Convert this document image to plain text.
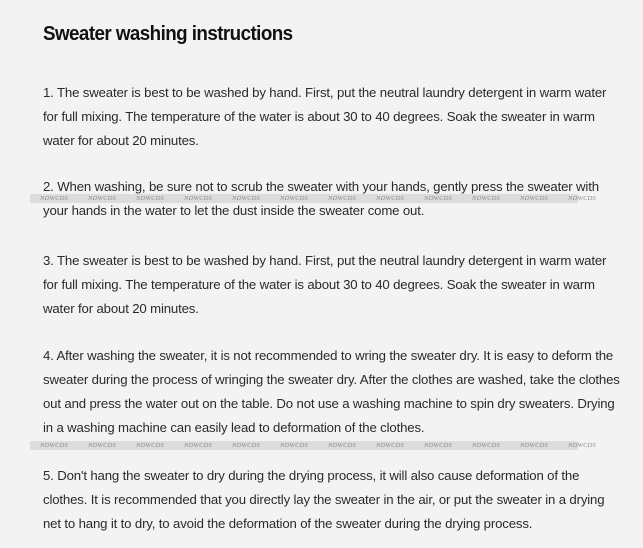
Sweater washing instructions
1. The sweater is best to be washed by hand. First, put the neutral laundry detergent in warm water
for full mixing. The temperature of the water is about 30 to 40 degrees. Soak the sweater in warm
water for about 20 minutes.
2. When washing, be sure not to scrub the sweater with your hands, gently press the sweater with
your hands in the water to let the dust inside the sweater come out.
NDWCDS	NDWCDS	NDWCDS	NDWCDS	NDWCDS	NDWCDS	NDWCDS	NDWCDS	NDWCDS	NDWCDS	NDWCDS	NDWCDS
3. The sweater is best to be washed by hand. First, put the neutral laundry detergent in warm water
for full mixing. The temperature of the water is about 30 to 40 degrees. Soak the sweater in warm
water for about 20 minutes.
4. After washing the sweater, it is not recommended to wring the sweater dry. It is easy to deform the
sweater during the process of wringing the sweater dry. After the clothes are washed, take the clothes
out and press the water out on the table. Do not use a washing machine to spin dry sweaters. Drying
in a washing machine can easily lead to deformation of the clothes.
NDWCDS	NDWCDS	NDWCDS	NDWCDS	NDWCDS	NDWCDS	NDWCDS	NDWCDS	NDWCDS	NDWCDS	NDWCDS	NDWCDS
5. Don't hang the sweater to dry during the drying process, it will also cause deformation of the
clothes. It is recommended that you directly lay the sweater in the air, or put the sweater in a drying
net to hang it to dry, to avoid the deformation of the sweater during the drying process.
